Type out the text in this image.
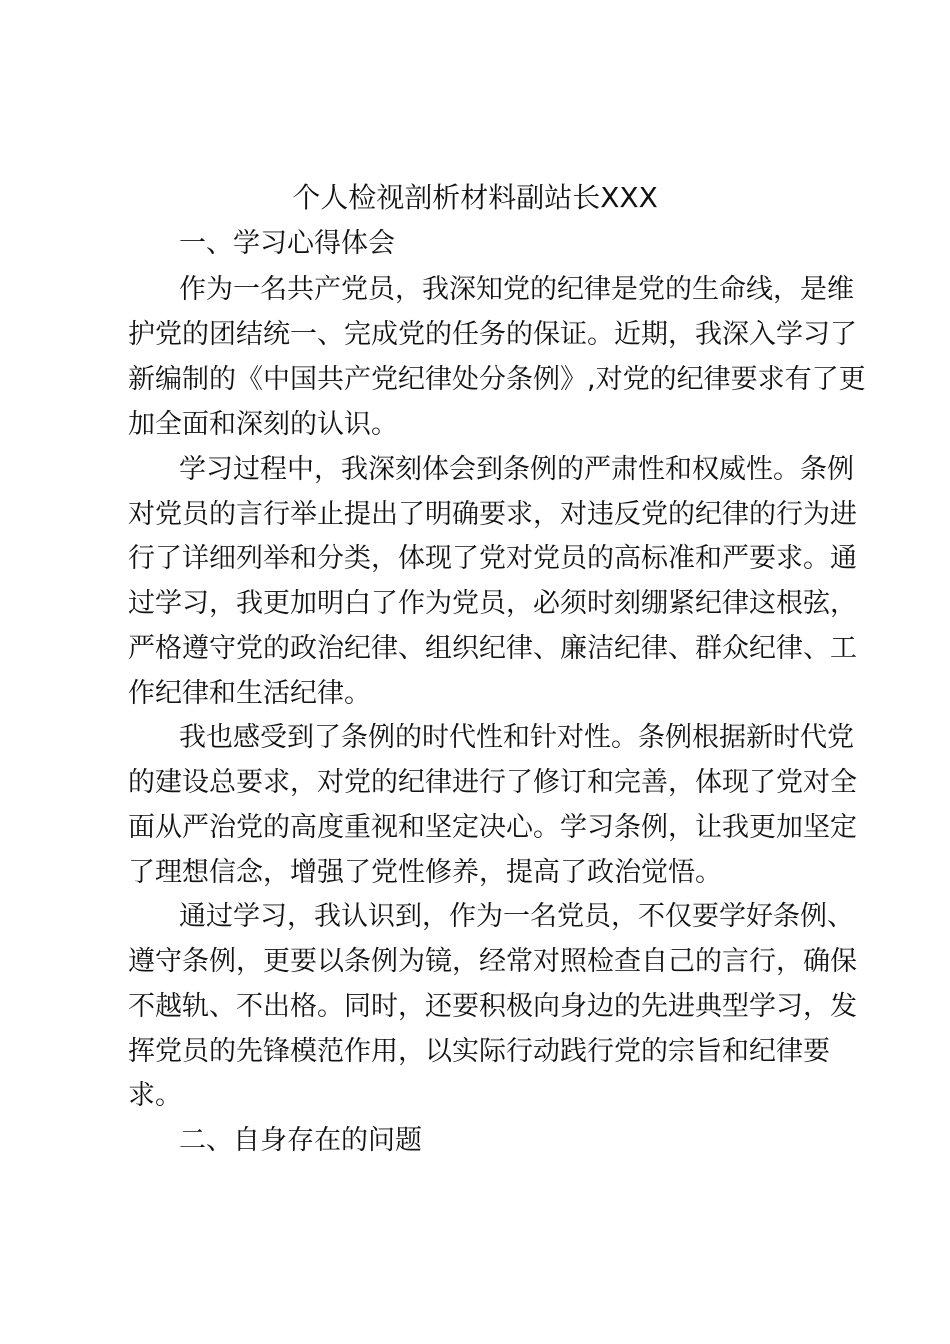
个人检视剖析材料副站长XXX
一、学习心得体会
作为一名共产党员，我深知党的纪律是党的生命线，是维
护党的团结统一、完成党的任务的保证。近期，我深入学习了
新编制的《中国共产党纪律处分条例》,对党的纪律要求有了更
加全面和深刻的认识。
学习过程中，我深刻体会到条例的严肃性和权威性。条例
对党员的言行举止提出了明确要求，对违反党的纪律的行为进
行了详细列举和分类，体现了党对党员的高标准和严要求。通
过学习，我更加明白了作为党员，必须时刻绷紧纪律这根弦，
严格遵守党的政治纪律、组织纪律、廉洁纪律、群众纪律、工
作纪律和生活纪律。
我也感受到了条例的时代性和针对性。条例根据新时代党
的建设总要求，对党的纪律进行了修订和完善，体现了党对全
面从严治党的高度重视和坚定决心。学习条例，让我更加坚定
了理想信念，增强了党性修养，提高了政治觉悟。
通过学习，我认识到，作为一名党员，不仅要学好条例、
遵守条例，更要以条例为镜，经常对照检查自己的言行，确保
不越轨、不出格。同时，还要积极向身边的先进典型学习，发
挥党员的先锋模范作用，以实际行动践行党的宗旨和纪律要
求。
二、自身存在的问题
